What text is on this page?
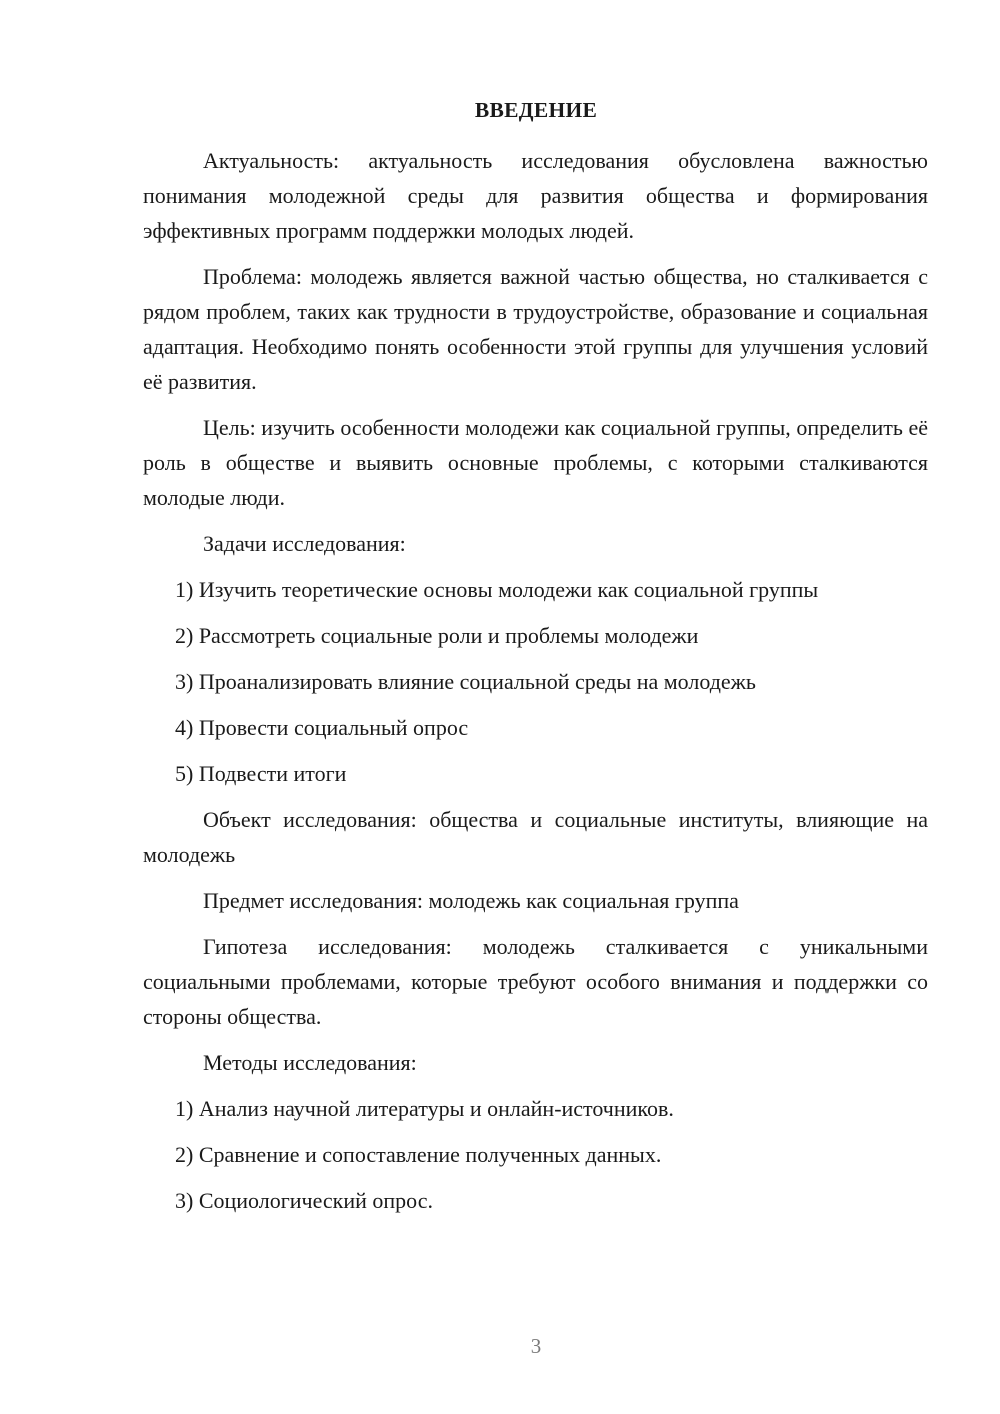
ВВЕДЕНИЕ

Актуальность: актуальность исследования обусловлена важностью понимания молодежной среды для развития общества и формирования эффективных программ поддержки молодых людей.

Проблема: молодежь является важной частью общества, но сталкивается с рядом проблем, таких как трудности в трудоустройстве, образование и социальная адаптация. Необходимо понять особенности этой группы для улучшения условий её развития.

Цель: изучить особенности молодежи как социальной группы, определить её роль в обществе и выявить основные проблемы, с которыми сталкиваются молодые люди.

Задачи исследования:

1) Изучить теоретические основы молодежи как социальной группы
2) Рассмотреть социальные роли и проблемы молодежи
3) Проанализировать влияние социальной среды на молодежь
4) Провести социальный опрос
5) Подвести итоги

Объект исследования: общества и социальные институты, влияющие на молодежь

Предмет исследования: молодежь как социальная группа

Гипотеза исследования: молодежь сталкивается с уникальными социальными проблемами, которые требуют особого внимания и поддержки со стороны общества.

Методы исследования:

1) Анализ научной литературы и онлайн-источников.
2) Сравнение и сопоставление полученных данных.
3) Социологический опрос.
3
